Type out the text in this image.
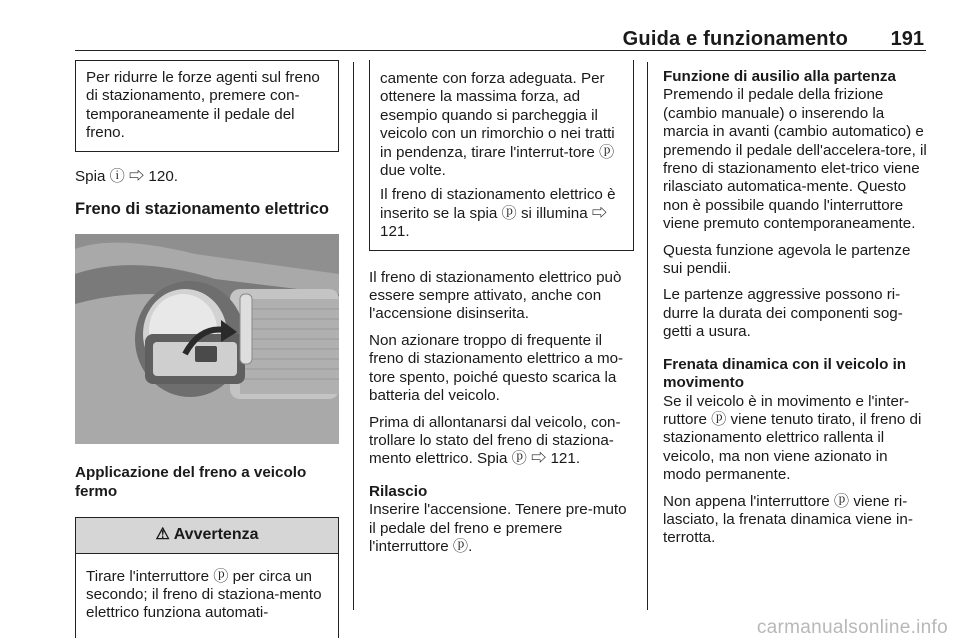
Guida e funzionamento 191

Per ridurre le forze agenti sul freno di stazionamento, premere con-temporaneamente il pedale del freno.

Spia ⓘ ⇨ 120.

Freno di stazionamento elettrico

Applicazione del freno a veicolo fermo

⚠ Avvertenza

Tirare l'interruttore ⓟ per circa un secondo; il freno di staziona-mento elettrico funziona automati-

camente con forza adeguata. Per ottenere la massima forza, ad esempio quando si parcheggia il veicolo con un rimorchio o nei tratti in pendenza, tirare l'interrut-tore ⓟ due volte.

Il freno di stazionamento elettrico è inserito se la spia ⓟ si illumina ⇨ 121.

Il freno di stazionamento elettrico può essere sempre attivato, anche con l'accensione disinserita.

Non azionare troppo di frequente il freno di stazionamento elettrico a mo-tore spento, poiché questo scarica la batteria del veicolo.

Prima di allontanarsi dal veicolo, con-trollare lo stato del freno di staziona-mento elettrico. Spia ⓟ ⇨ 121.

Rilascio

Inserire l'accensione. Tenere pre-muto il pedale del freno e premere l'interruttore ⓟ.

Funzione di ausilio alla partenza

Premendo il pedale della frizione (cambio manuale) o inserendo la marcia in avanti (cambio automatico) e premendo il pedale dell'accelera-tore, il freno di stazionamento elet-trico viene rilasciato automatica-mente. Questo non è possibile quando l'interruttore viene premuto contemporaneamente.

Questa funzione agevola le partenze sui pendii.

Le partenze aggressive possono ri-durre la durata dei componenti sog-getti a usura.

Frenata dinamica con il veicolo in movimento

Se il veicolo è in movimento e l'inter-ruttore ⓟ viene tenuto tirato, il freno di stazionamento elettrico rallenta il veicolo, ma non viene azionato in modo permanente.

Non appena l'interruttore ⓟ viene ri-lasciato, la frenata dinamica viene in-terrotta.

carmanualsonline.info
